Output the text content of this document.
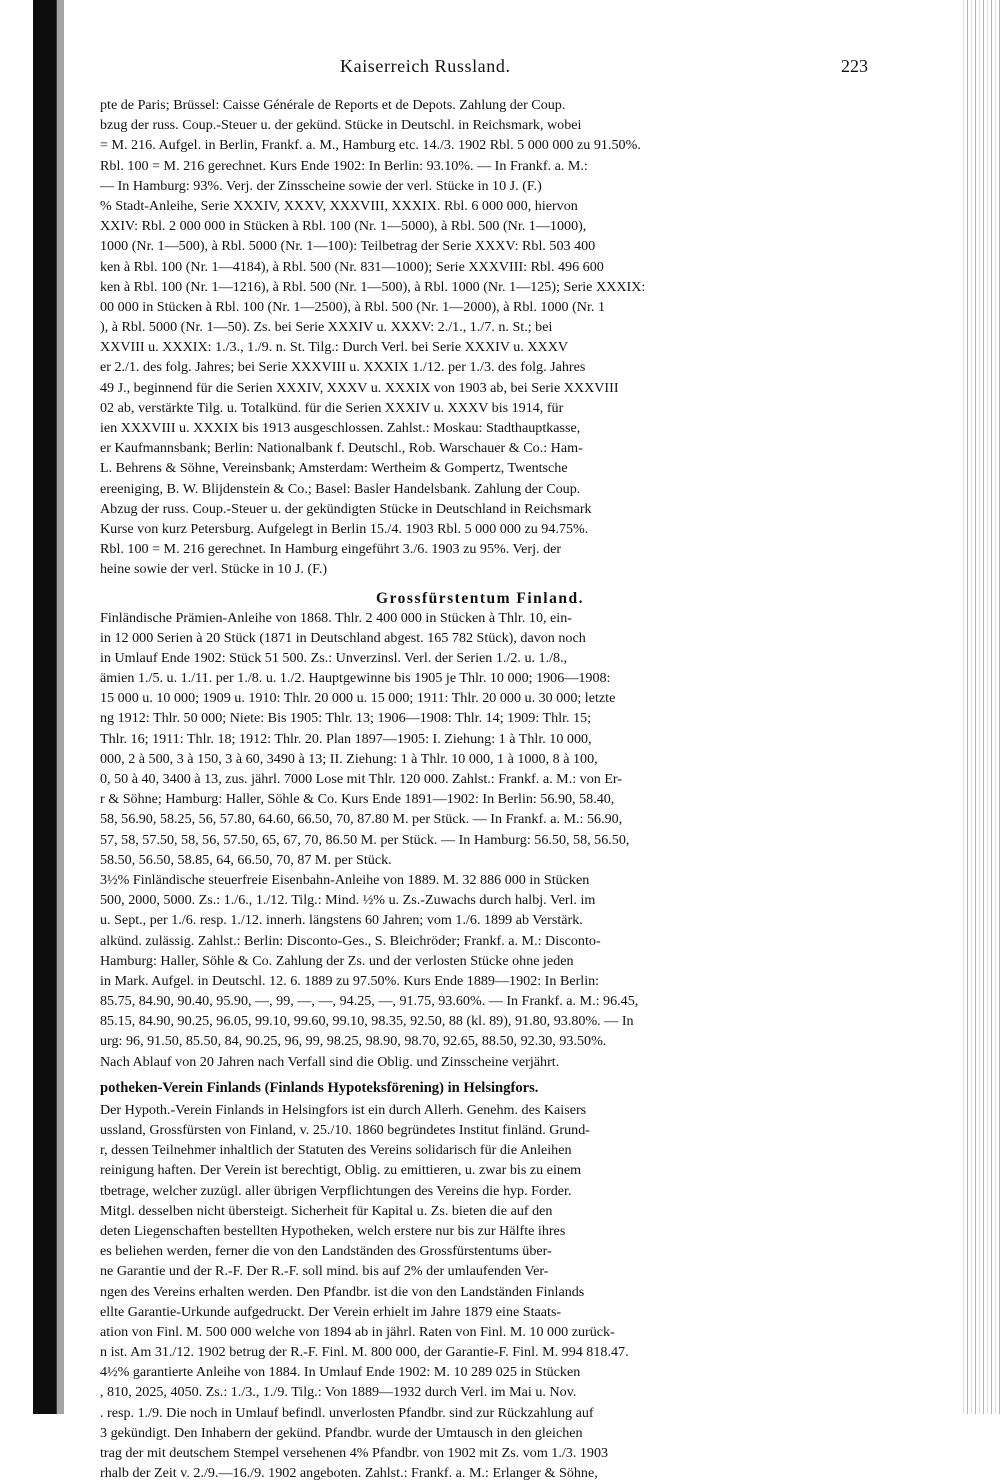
Kaiserreich Russland.	223
pte de Paris; Brüssel: Caisse Générale de Reports et de Depots. Zahlung der Coup.
bzug der russ. Coup.-Steuer u. der gekünd. Stücke in Deutschl. in Reichsmark, wobei
= M. 216. Aufgel. in Berlin, Frankf. a. M., Hamburg etc. 14./3. 1902 Rbl. 5 000 000 zu 91.50%.
Rbl. 100 = M. 216 gerechnet. Kurs Ende 1902: In Berlin: 93.10%. — In Frankf. a. M.:
— In Hamburg: 93%. Verj. der Zinsscheine sowie der verl. Stücke in 10 J. (F.)
% Stadt-Anleihe, Serie XXXIV, XXXV, XXXVIII, XXXIX. Rbl. 6 000 000, hiervon
XXIV: Rbl. 2 000 000 in Stücken à Rbl. 100 (Nr. 1—5000), à Rbl. 500 (Nr. 1—1000),
1000 (Nr. 1—500), à Rbl. 5000 (Nr. 1—100): Teilbetrag der Serie XXXV: Rbl. 503 400
ken à Rbl. 100 (Nr. 1—4184), à Rbl. 500 (Nr. 831—1000); Serie XXXVIII: Rbl. 496 600
ken à Rbl. 100 (Nr. 1—1216), à Rbl. 500 (Nr. 1—500), à Rbl. 1000 (Nr. 1—125); Serie XXXIX:
00 000 in Stücken à Rbl. 100 (Nr. 1—2500), à Rbl. 500 (Nr. 1—2000), à Rbl. 1000 (Nr. 1
), à Rbl. 5000 (Nr. 1—50). Zs. bei Serie XXXIV u. XXXV: 2./1., 1./7. n. St.; bei
XXVIII u. XXXIX: 1./3., 1./9. n. St. Tilg.: Durch Verl. bei Serie XXXIV u. XXXV
er 2./1. des folg. Jahres; bei Serie XXXVIII u. XXXIX 1./12. per 1./3. des folg. Jahres
49 J., beginnend für die Serien XXXIV, XXXV u. XXXIX von 1903 ab, bei Serie XXXVIII
02 ab, verstärkte Tilg. u. Totalkünd. für die Serien XXXIV u. XXXV bis 1914, für
ien XXXVIII u. XXXIX bis 1913 ausgeschlossen. Zahlst.: Moskau: Stadthauptkasse,
er Kaufmannsbank; Berlin: Nationalbank f. Deutschl., Rob. Warschauer & Co.: Ham-
L. Behrens & Söhne, Vereinsbank; Amsterdam: Wertheim & Gompertz, Twentsche
ereeniging, B. W. Blijdenstein & Co.; Basel: Basler Handelsbank. Zahlung der Coup.
Abzug der russ. Coup.-Steuer u. der gekündigten Stücke in Deutschland in Reichsmark
Kurse von kurz Petersburg. Aufgelegt in Berlin 15./4. 1903 Rbl. 5 000 000 zu 94.75%.
Rbl. 100 = M. 216 gerechnet. In Hamburg eingeführt 3./6. 1903 zu 95%. Verj. der
heine sowie der verl. Stücke in 10 J. (F.)
Grossfürstentum Finland.
Finländische Prämien-Anleihe von 1868. Thlr. 2 400 000 in Stücken à Thlr. 10, ein-
in 12 000 Serien à 20 Stück (1871 in Deutschland abgest. 165 782 Stück), davon noch
in Umlauf Ende 1902: Stück 51 500. Zs.: Unverzinsl. Verl. der Serien 1./2. u. 1./8.,
ämien 1./5. u. 1./11. per 1./8. u. 1./2. Hauptgewinne bis 1905 je Thlr. 10 000; 1906—1908:
15 000 u. 10 000; 1909 u. 1910: Thlr. 20 000 u. 15 000; 1911: Thlr. 20 000 u. 30 000; letzte
ng 1912: Thlr. 50 000; Niete: Bis 1905: Thlr. 13; 1906—1908: Thlr. 14; 1909: Thlr. 15;
Thlr. 16; 1911: Thlr. 18; 1912: Thlr. 20. Plan 1897—1905: I. Ziehung: 1 à Thlr. 10 000,
000, 2 à 500, 3 à 150, 3 à 60, 3490 à 13; II. Ziehung: 1 à Thlr. 10 000, 1 à 1000, 8 à 100,
0, 50 à 40, 3400 à 13, zus. jährl. 7000 Lose mit Thlr. 120 000. Zahlst.: Frankf. a. M.: von Er-
r & Söhne; Hamburg: Haller, Söhle & Co. Kurs Ende 1891—1902: In Berlin: 56.90, 58.40,
58, 56.90, 58.25, 56, 57.80, 64.60, 66.50, 70, 87.80 M. per Stück. — In Frankf. a. M.: 56.90,
57, 58, 57.50, 58, 56, 57.50, 65, 67, 70, 86.50 M. per Stück. — In Hamburg: 56.50, 58, 56.50,
58.50, 56.50, 58.85, 64, 66.50, 70, 87 M. per Stück.
3½% Finländische steuerfreie Eisenbahn-Anleihe von 1889. M. 32 886 000 in Stücken
500, 2000, 5000. Zs.: 1./6., 1./12. Tilg.: Mind. ½% u. Zs.-Zuwachs durch halbj. Verl. im
u. Sept., per 1./6. resp. 1./12. innerh. längstens 60 Jahren; vom 1./6. 1899 ab Verstärk.
alkünd. zulässig. Zahlst.: Berlin: Disconto-Ges., S. Bleichröder; Frankf. a. M.: Disconto-
Hamburg: Haller, Söhle & Co. Zahlung der Zs. und der verlosten Stücke ohne jeden
in Mark. Aufgel. in Deutschl. 12. 6. 1889 zu 97.50%. Kurs Ende 1889—1902: In Berlin:
85.75, 84.90, 90.40, 95.90, —, 99, —, —, 94.25, —, 91.75, 93.60%. — In Frankf. a. M.: 96.45,
85.15, 84.90, 90.25, 96.05, 99.10, 99.60, 99.10, 98.35, 92.50, 88 (kl. 89), 91.80, 93.80%. — In
urg: 96, 91.50, 85.50, 84, 90.25, 96, 99, 98.25, 98.90, 98.70, 92.65, 88.50, 92.30, 93.50%.
Nach Ablauf von 20 Jahren nach Verfall sind die Oblig. und Zinsscheine verjährt.
potheken-Verein Finlands (Finlands Hypoteksförening) in Helsingfors.
Der Hypoth.-Verein Finlands in Helsingfors ist ein durch Allerh. Genehm. des Kaisers
ussland, Grossfürsten von Finland, v. 25./10. 1860 begründetes Institut finländ. Grund-
r, dessen Teilnehmer inhaltlich der Statuten des Vereins solidarisch für die Anleihen
reinigung haften. Der Verein ist berechtigt, Oblig. zu emittieren, u. zwar bis zu einem
tbetrage, welcher zuzügl. aller übrigen Verpflichtungen des Vereins die hyp. Forder.
Mitgl. desselben nicht übersteigt. Sicherheit für Kapital u. Zs. bieten die auf den
deten Liegenschaften bestellten Hypotheken, welch erstere nur bis zur Hälfte ihres
es beliehen werden, ferner die von den Landständen des Grossfürstentums über-
ne Garantie und der R.-F. Der R.-F. soll mind. bis auf 2% der umlaufenden Ver-
ngen des Vereins erhalten werden. Den Pfandbr. ist die von den Landständen Finlands
ellte Garantie-Urkunde aufgedruckt. Der Verein erhielt im Jahre 1879 eine Staats-
ation von Finl. M. 500 000 welche von 1894 ab in jährl. Raten von Finl. M. 10 000 zurück-
n ist. Am 31./12. 1902 betrug der R.-F. Finl. M. 800 000, der Garantie-F. Finl. M. 994 818.47.
4½% garantierte Anleihe von 1884. In Umlauf Ende 1902: M. 10 289 025 in Stücken
, 810, 2025, 4050. Zs.: 1./3., 1./9. Tilg.: Von 1889—1932 durch Verl. im Mai u. Nov.
. resp. 1./9. Die noch in Umlauf befindl. unverlosten Pfandbr. sind zur Rückzahlung auf
3 gekündigt. Den Inhabern der gekünd. Pfandbr. wurde der Umtausch in den gleichen
trag der mit deutschem Stempel versehenen 4% Pfandbr. von 1902 mit Zs. vom 1./3. 1903
rhalb der Zeit v. 2./9.—16./9. 1902 angeboten. Zahlst.: Frankf. a. M.: Erlanger & Söhne,
